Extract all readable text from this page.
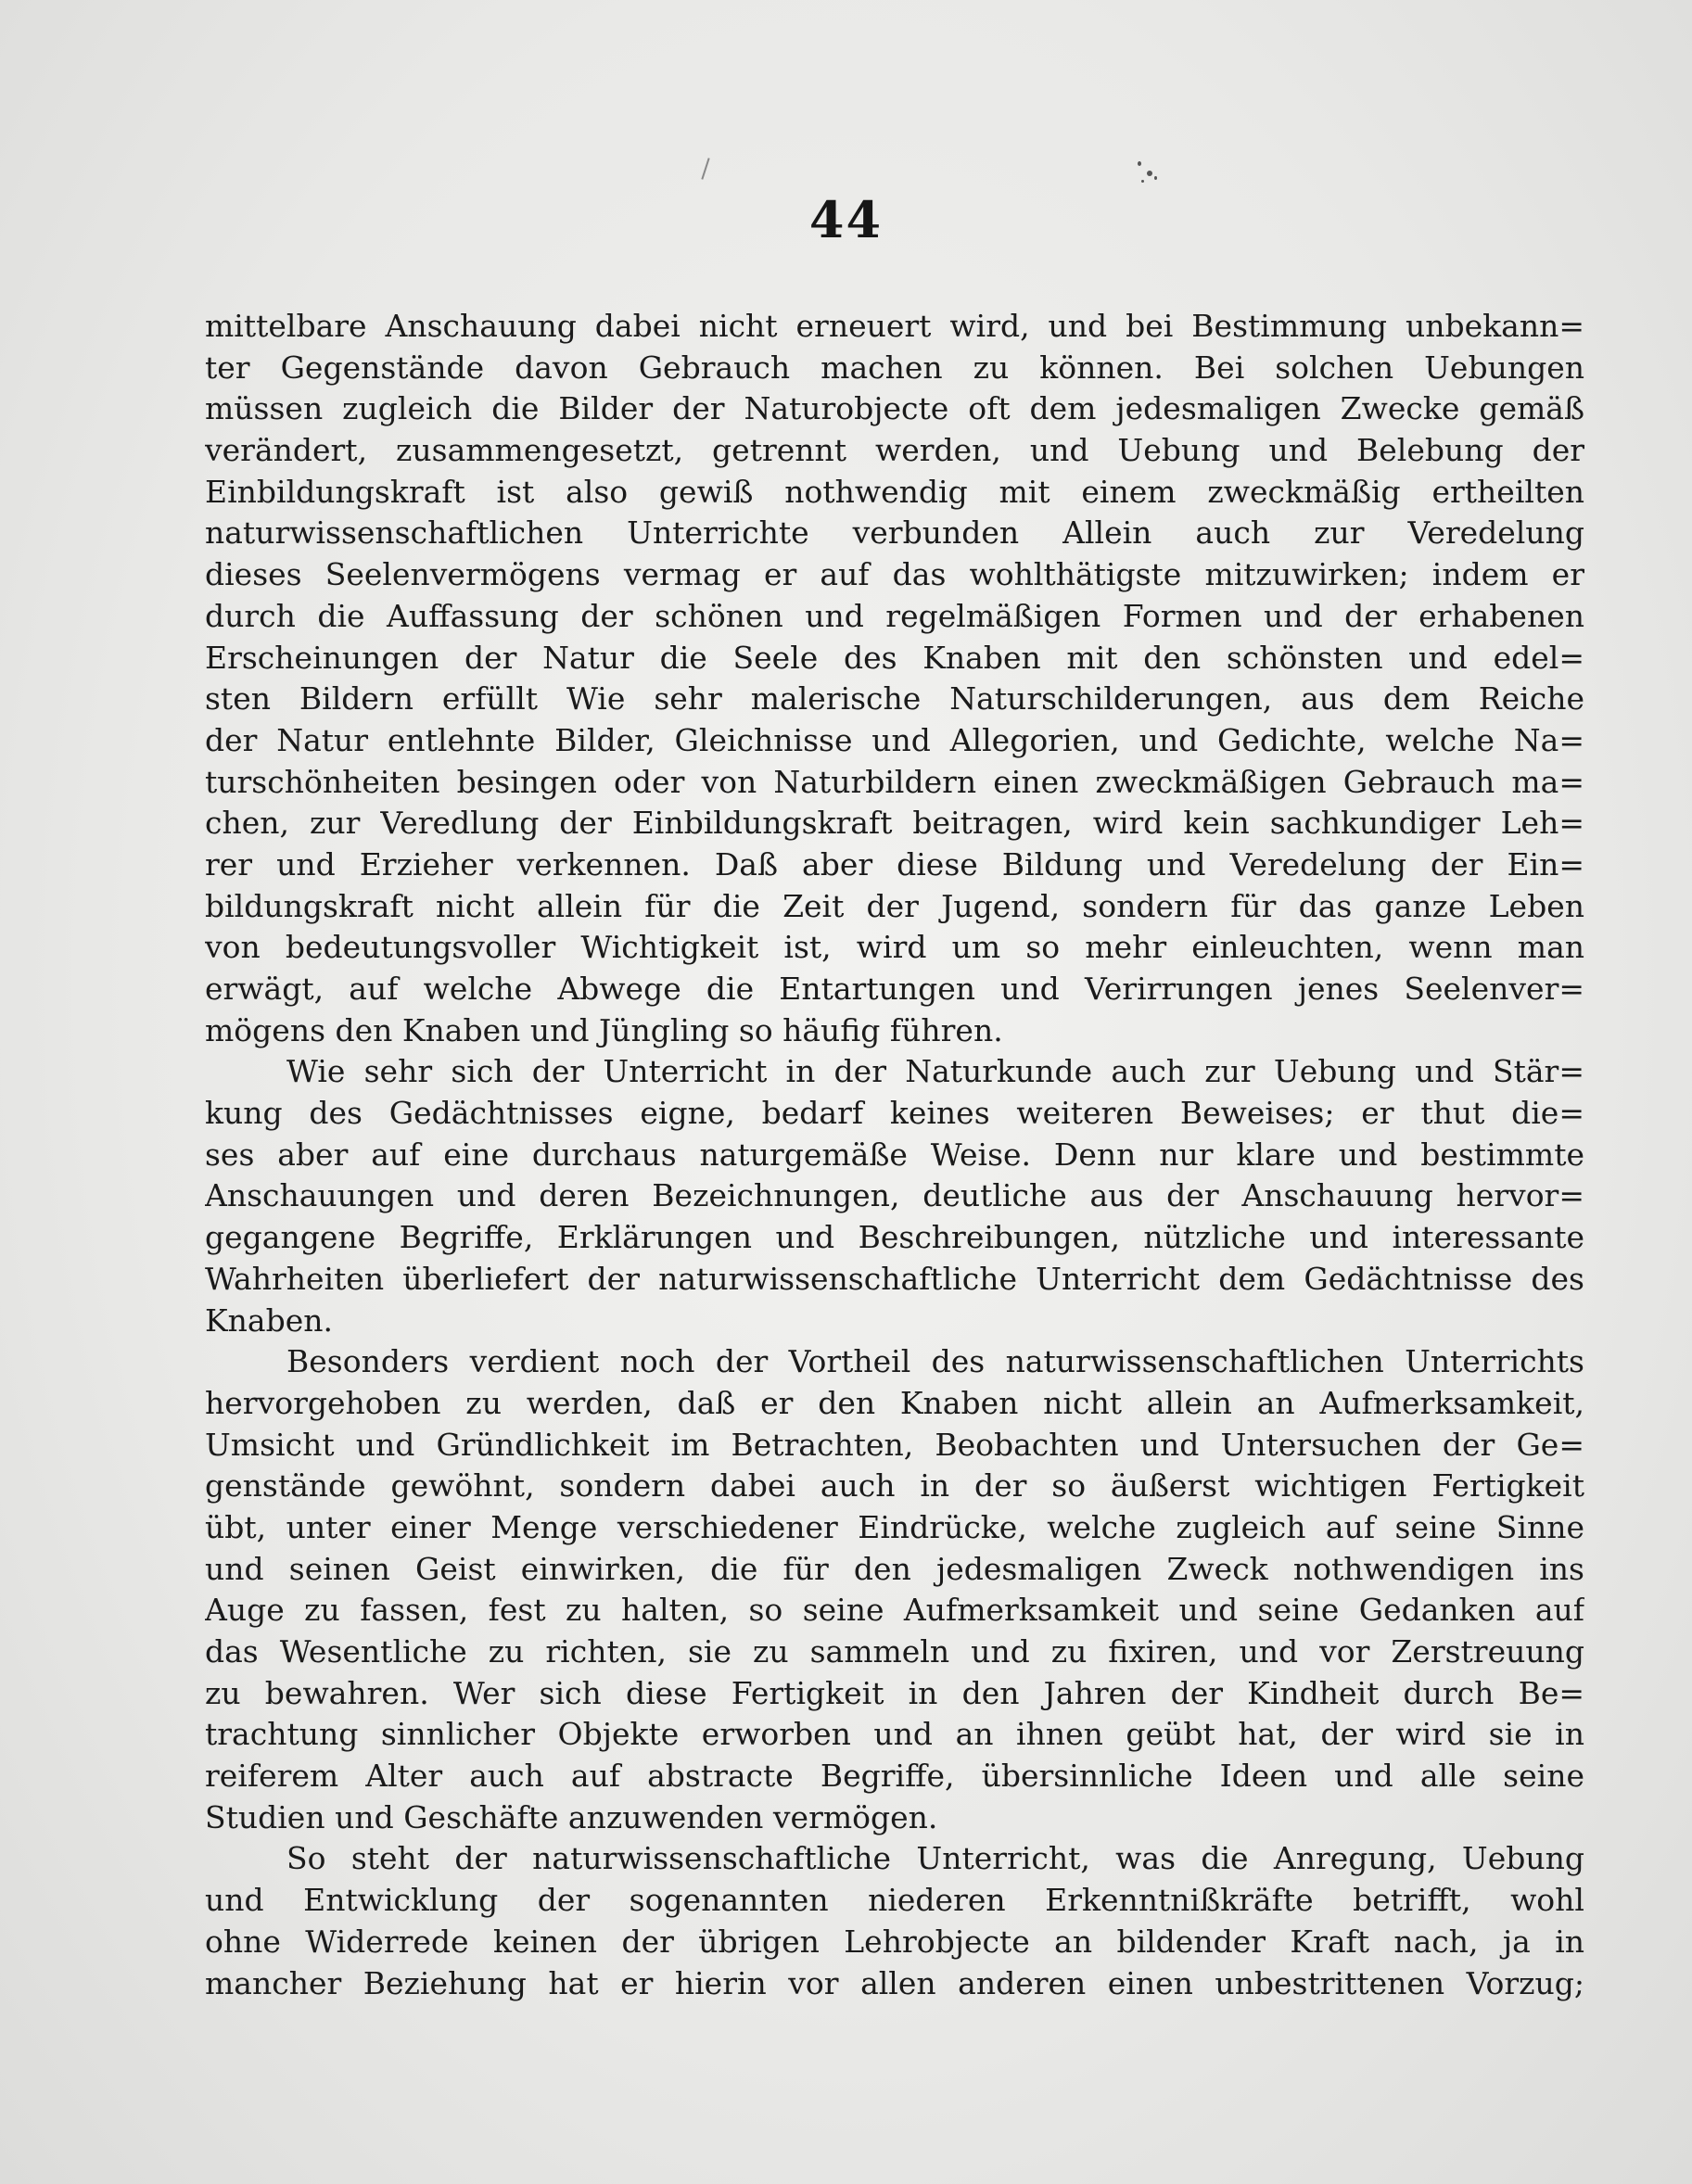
44
mittelbare Anschauung dabei nicht erneuert wird, und bei Bestimmung unbekann=
ter Gegenstände davon Gebrauch machen zu können. Bei solchen Uebungen
müssen zugleich die Bilder der Naturobjecte oft dem jedesmaligen Zwecke gemäß
verändert, zusammengesetzt, getrennt werden, und Uebung und Belebung der
Einbildungskraft ist also gewiß nothwendig mit einem zweckmäßig ertheilten
naturwissenschaftlichen Unterrichte verbunden Allein auch zur Veredelung
dieses Seelenvermögens vermag er auf das wohlthätigste mitzuwirken; indem er
durch die Auffassung der schönen und regelmäßigen Formen und der erhabenen
Erscheinungen der Natur die Seele des Knaben mit den schönsten und edel=
sten Bildern erfüllt Wie sehr malerische Naturschilderungen, aus dem Reiche
der Natur entlehnte Bilder, Gleichnisse und Allegorien, und Gedichte, welche Na=
turschönheiten besingen oder von Naturbildern einen zweckmäßigen Gebrauch ma=
chen, zur Veredlung der Einbildungskraft beitragen, wird kein sachkundiger Leh=
rer und Erzieher verkennen. Daß aber diese Bildung und Veredelung der Ein=
bildungskraft nicht allein für die Zeit der Jugend, sondern für das ganze Leben
von bedeutungsvoller Wichtigkeit ist, wird um so mehr einleuchten, wenn man
erwägt, auf welche Abwege die Entartungen und Verirrungen jenes Seelenver=
mögens den Knaben und Jüngling so häufig führen.
Wie sehr sich der Unterricht in der Naturkunde auch zur Uebung und Stär=
kung des Gedächtnisses eigne, bedarf keines weiteren Beweises; er thut die=
ses aber auf eine durchaus naturgemäße Weise. Denn nur klare und bestimmte
Anschauungen und deren Bezeichnungen, deutliche aus der Anschauung hervor=
gegangene Begriffe, Erklärungen und Beschreibungen, nützliche und interessante
Wahrheiten überliefert der naturwissenschaftliche Unterricht dem Gedächtnisse des
Knaben.
Besonders verdient noch der Vortheil des naturwissenschaftlichen Unterrichts
hervorgehoben zu werden, daß er den Knaben nicht allein an Aufmerksamkeit,
Umsicht und Gründlichkeit im Betrachten, Beobachten und Untersuchen der Ge=
genstände gewöhnt, sondern dabei auch in der so äußerst wichtigen Fertigkeit
übt, unter einer Menge verschiedener Eindrücke, welche zugleich auf seine Sinne
und seinen Geist einwirken, die für den jedesmaligen Zweck nothwendigen ins
Auge zu fassen, fest zu halten, so seine Aufmerksamkeit und seine Gedanken auf
das Wesentliche zu richten, sie zu sammeln und zu fixiren, und vor Zerstreuung
zu bewahren. Wer sich diese Fertigkeit in den Jahren der Kindheit durch Be=
trachtung sinnlicher Objekte erworben und an ihnen geübt hat, der wird sie in
reiferem Alter auch auf abstracte Begriffe, übersinnliche Ideen und alle seine
Studien und Geschäfte anzuwenden vermögen.
So steht der naturwissenschaftliche Unterricht, was die Anregung, Uebung
und Entwicklung der sogenannten niederen Erkenntnißkräfte betrifft, wohl
ohne Widerrede keinen der übrigen Lehrobjecte an bildender Kraft nach, ja in
mancher Beziehung hat er hierin vor allen anderen einen unbestrittenen Vorzug;
